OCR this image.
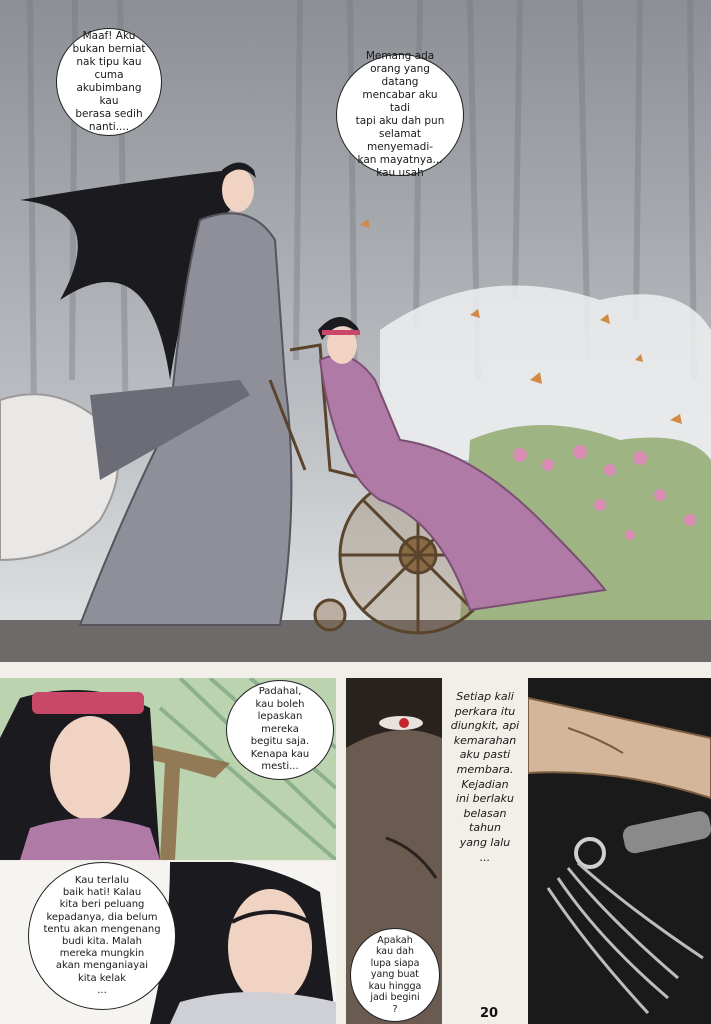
Maaf! Aku
bukan berniat
nak tipu kau cuma
akubimbang kau
berasa sedih
nanti....
Memang
orang yang datang
mencabar aku tadi
tapi aku dah pun
selamat menyemadi-
kan mayatnya...
kau usah
Padahal,
kau boleh
lepaskan mereka
begitu saja.
Kenapa kau
mesti...
Kau terlalu
baik hati! Kalau
kita beri peluang
kepadanya, dia belum
tentu akan mengenang
budi kita. Malah
mereka mungkin
akan menganiayai
kita kelak
...
Apakah
kau dah
lupa siapa
yang buat
kau hingga
jadi begini
?
Setiap kali
perkara itu
diungkit, api
kemarahan
aku pasti
membara.
Kejadian
ini berlaku
belasan
tahun
yang lalu
...
20
